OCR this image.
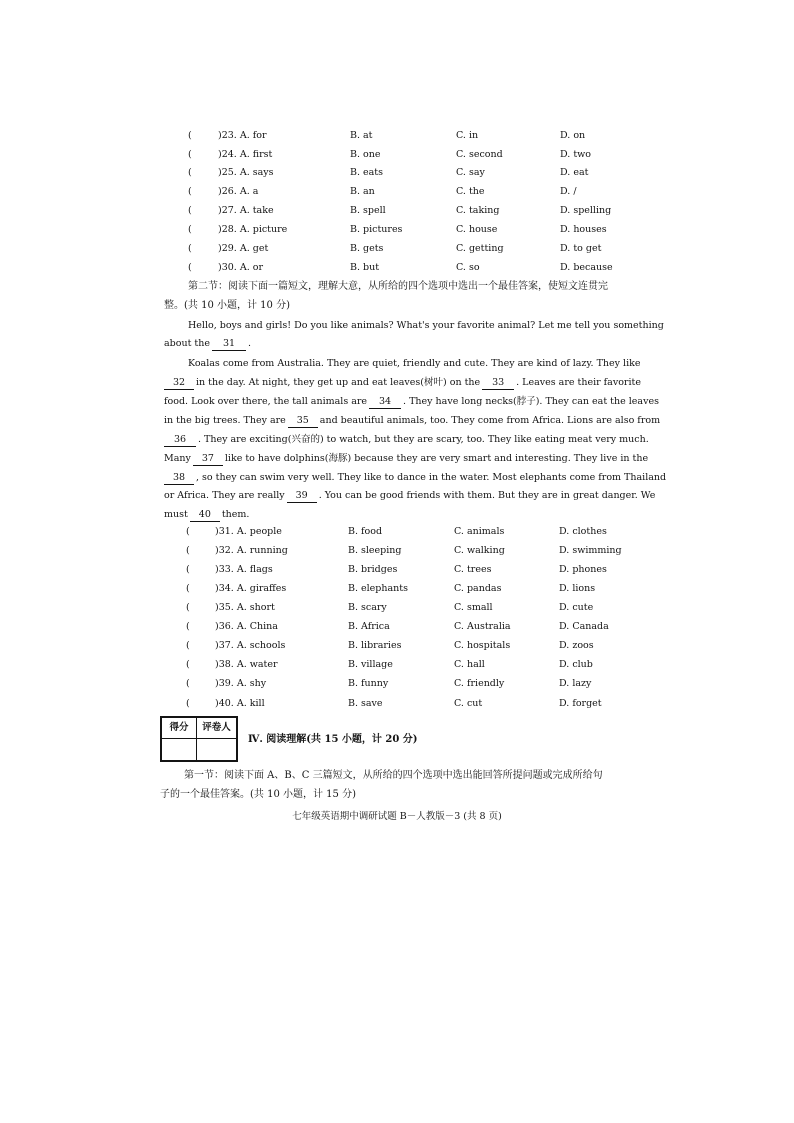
(	)23. A. for	B. at	C. in	D. on
(	)24. A. first	B. one	C. second	D. two
(	)25. A. says	B. eats	C. say	D. eat
(	)26. A. a	B. an	C. the	D. /
(	)27. A. take	B. spell	C. taking	D. spelling
(	)28. A. picture	B. pictures	C. house	D. houses
(	)29. A. get	B. gets	C. getting	D. to get
(	)30. A. or	B. but	C. so	D. because
第二节：阅读下面一篇短文，理解大意，从所给的四个选项中选出一个最佳答案，使短文连贯完
整。(共 10 小题，计 10 分)
Hello, boys and girls! Do you like animals? What's your favorite animal? Let me tell you something
about the 31 .
Koalas come from Australia. They are quiet, friendly and cute. They are kind of lazy. They like
32 in the day. At night, they get up and eat leaves(树叶) on the 33 . Leaves are their favorite
food. Look over there, the tall animals are 34 . They have long necks(脖子). They can eat the leaves
in the big trees. They are 35 and beautiful animals, too. They come from Africa. Lions are also from
36 . They are exciting(兴奋的) to watch, but they are scary, too. They like eating meat very much.
Many 37 like to have dolphins(海豚) because they are very smart and interesting. They live in the
38 , so they can swim very well. They like to dance in the water. Most elephants come from Thailand
or Africa. They are really 39 . You can be good friends with them. But they are in great danger. We
must 40 them.
(	)31. A. people	B. food	C. animals	D. clothes
(	)32. A. running	B. sleeping	C. walking	D. swimming
(	)33. A. flags	B. bridges	C. trees	D. phones
(	)34. A. giraffes	B. elephants	C. pandas	D. lions
(	)35. A. short	B. scary	C. small	D. cute
(	)36. A. China	B. Africa	C. Australia	D. Canada
(	)37. A. schools	B. libraries	C. hospitals	D. zoos
(	)38. A. water	B. village	C. hall	D. club
(	)39. A. shy	B. funny	C. friendly	D. lazy
(	)40. A. kill	B. save	C. cut	D. forget
得分	评卷人
Ⅳ. 阅读理解(共 15 小题，计 20 分)
第一节：阅读下面 A、B、C 三篇短文，从所给的四个选项中选出能回答所提问题或完成所给句
子的一个最佳答案。(共 10 小题，计 15 分)
七年级英语期中调研试题 B－人教版－3 (共 8 页)
